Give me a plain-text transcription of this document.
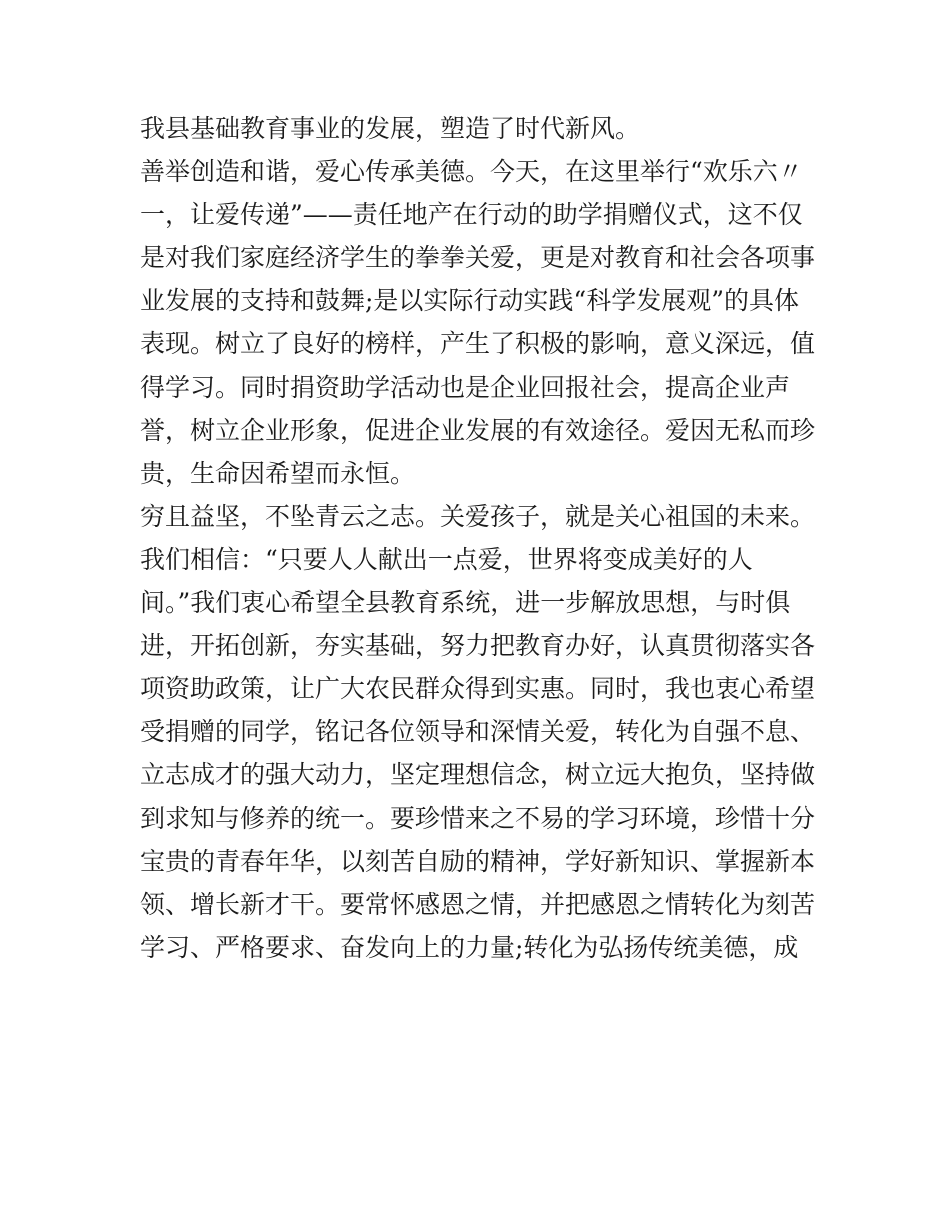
我县基础教育事业的发展，塑造了时代新风。
善举创造和谐，爱心传承美德。今天，在这里举行“欢乐六〃
一，让爱传递”——责任地产在行动的助学捐赠仪式，这不仅
是对我们家庭经济学生的拳拳关爱，更是对教育和社会各项事
业发展的支持和鼓舞;是以实际行动实践“科学发展观”的具体
表现。树立了良好的榜样，产生了积极的影响，意义深远，值
得学习。同时捐资助学活动也是企业回报社会，提高企业声
誉，树立企业形象，促进企业发展的有效途径。爱因无私而珍
贵，生命因希望而永恒。
穷且益坚，不坠青云之志。关爱孩子，就是关心祖国的未来。
我们相信：“只要人人献出一点爱，世界将变成美好的人
间。”我们衷心希望全县教育系统，进一步解放思想，与时俱
进，开拓创新，夯实基础，努力把教育办好，认真贯彻落实各
项资助政策，让广大农民群众得到实惠。同时，我也衷心希望
受捐赠的同学，铭记各位领导和深情关爱，转化为自强不息、
立志成才的强大动力，坚定理想信念，树立远大抱负，坚持做
到求知与修养的统一。要珍惜来之不易的学习环境，珍惜十分
宝贵的青春年华，以刻苦自励的精神，学好新知识、掌握新本
领、增长新才干。要常怀感恩之情，并把感恩之情转化为刻苦
学习、严格要求、奋发向上的力量;转化为弘扬传统美德，成
